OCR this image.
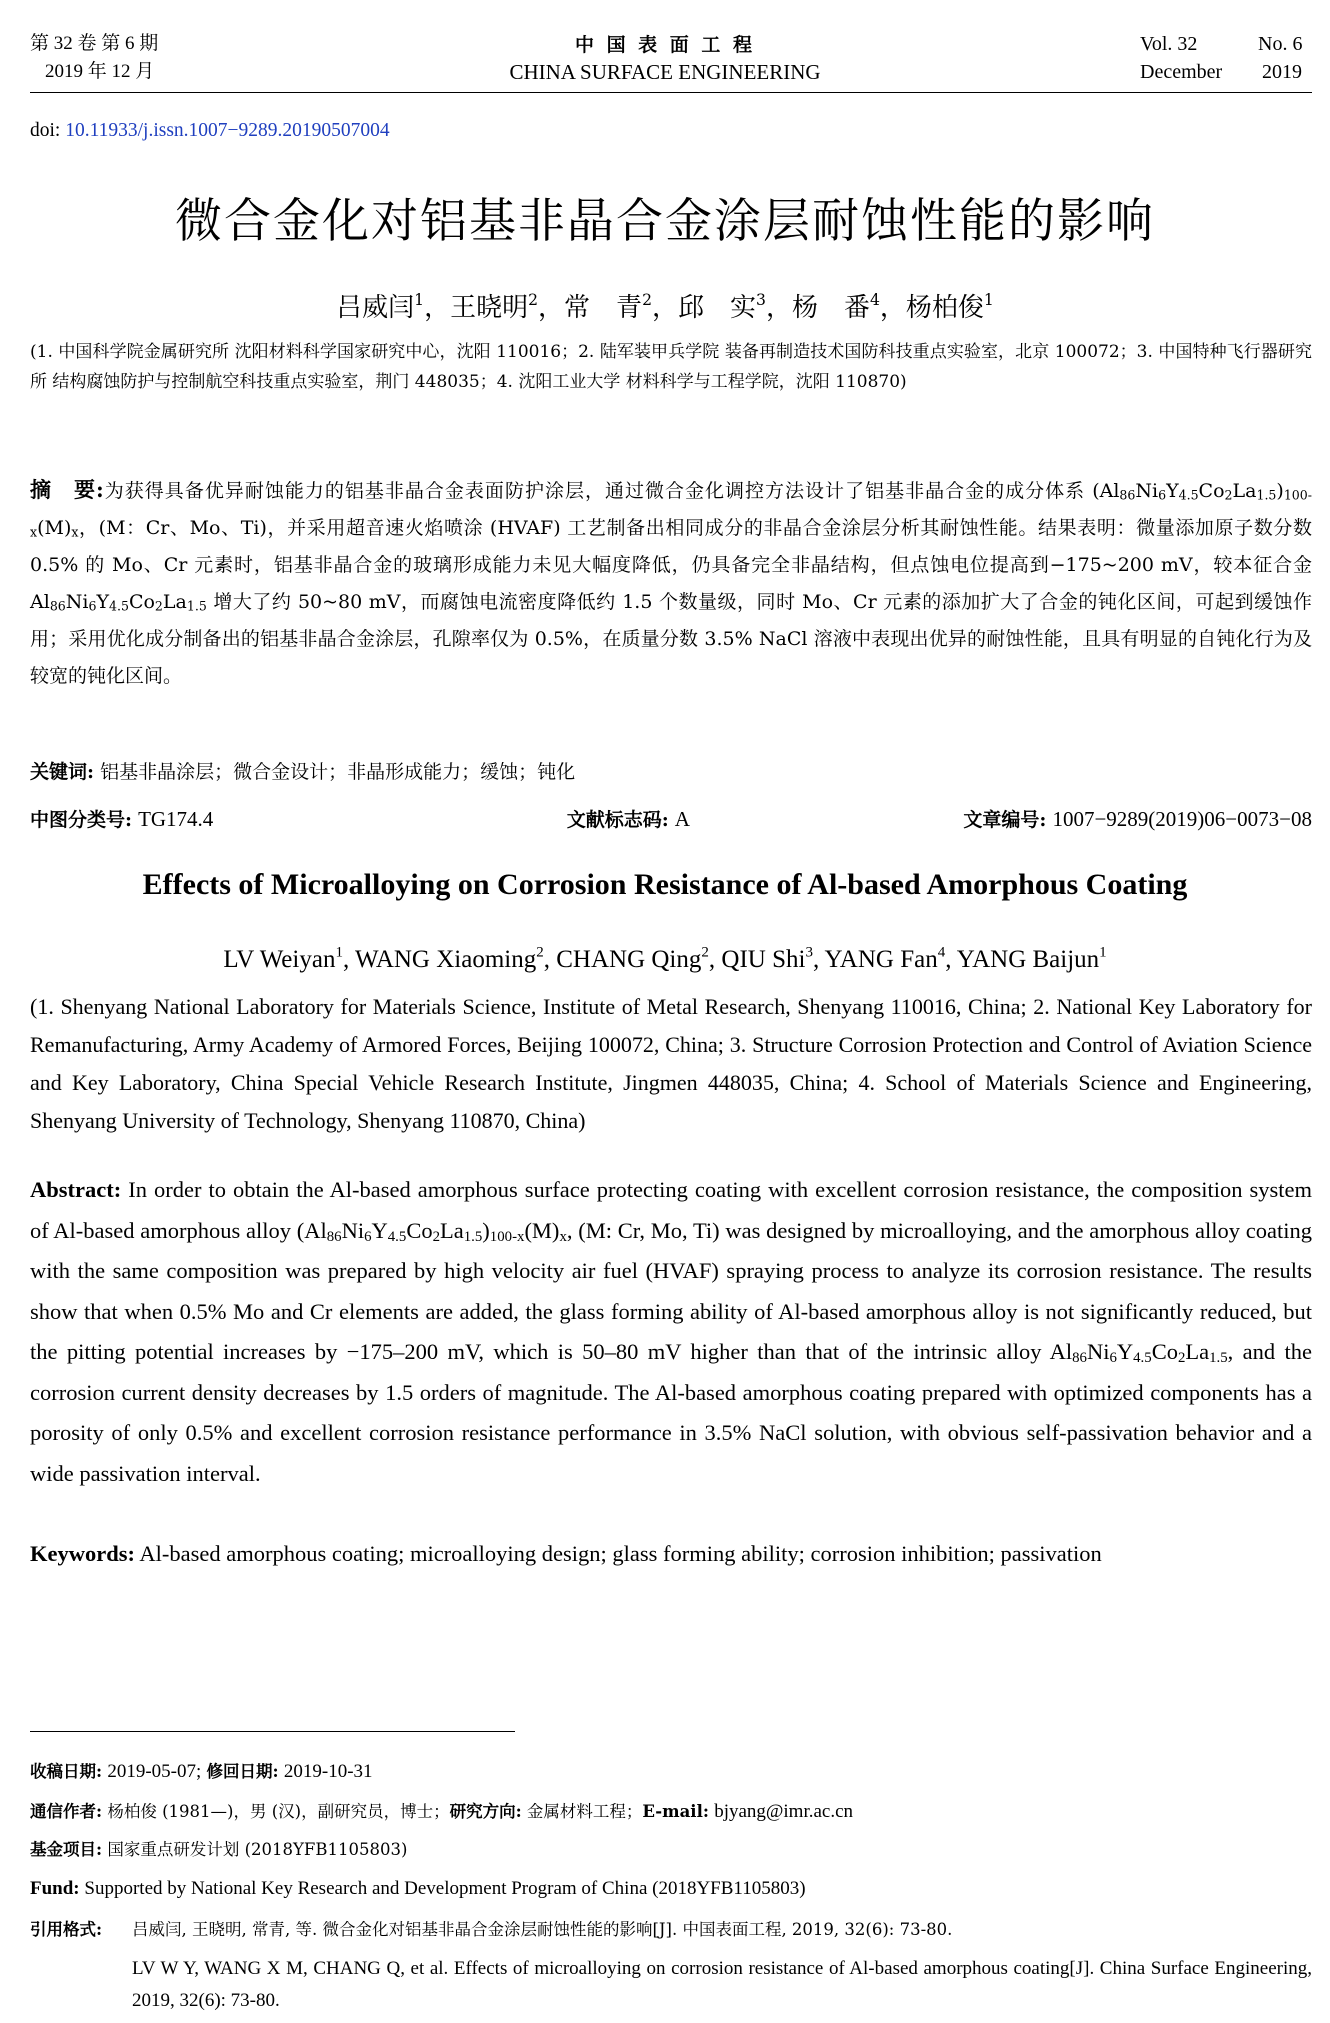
第 32 卷 第 6 期
2019 年 12 月
中 国 表 面 工 程
CHINA SURFACE ENGINEERING
Vol. 32	No. 6
December 2019
doi: 10.11933/j.issn.1007−9289.20190507004
微合金化对铝基非晶合金涂层耐蚀性能的影响
吕威闫$^1$，王晓明$^2$，常　青$^2$，邱　实$^3$，杨　番$^4$，杨柏俊$^1$
(1. 中国科学院金属研究所 沈阳材料科学国家研究中心，沈阳 110016；2. 陆军装甲兵学院 装备再制造技术国防科技重点实验室，北京 100072；3. 中国特种飞行器研究所 结构腐蚀防护与控制航空科技重点实验室，荆门 448035；4. 沈阳工业大学 材料科学与工程学院，沈阳 110870)
摘　要:为获得具备优异耐蚀能力的铝基非晶合金表面防护涂层，通过微合金化调控方法设计了铝基非晶合金的成分体系 $(Al_{86}Ni_6Y_{4.5}Co_2La_{1.5})_{100-x}(M)_x$，(M：Cr、Mo、Ti)，并采用超音速火焰喷涂 (HVAF) 工艺制备出相同成分的非晶合金涂层分析其耐蚀性能。结果表明：微量添加原子数分数 0.5% 的 Mo、Cr 元素时，铝基非晶合金的玻璃形成能力未见大幅度降低，仍具备完全非晶结构，但点蚀电位提高到−175~200 mV，较本征合金 $Al_{86}Ni_6Y_{4.5}Co_2La_{1.5}$ 增大了约 50~80 mV，而腐蚀电流密度降低约 1.5 个数量级，同时 Mo、Cr 元素的添加扩大了合金的钝化区间，可起到缓蚀作用；采用优化成分制备出的铝基非晶合金涂层，孔隙率仅为 0.5%，在质量分数 3.5% NaCl 溶液中表现出优异的耐蚀性能，且具有明显的自钝化行为及较宽的钝化区间。
关键词: 铝基非晶涂层；微合金设计；非晶形成能力；缓蚀；钝化
中图分类号: TG174.4	文献标志码: A	文章编号: 1007−9289(2019)06−0073−08
Effects of Microalloying on Corrosion Resistance of Al-based Amorphous Coating
LV Weiyan$^1$, WANG Xiaoming$^2$, CHANG Qing$^2$, QIU Shi$^3$, YANG Fan$^4$, YANG Baijun$^1$
(1. Shenyang National Laboratory for Materials Science, Institute of Metal Research, Shenyang 110016, China; 2. National Key Laboratory for Remanufacturing, Army Academy of Armored Forces, Beijing 100072, China; 3. Structure Corrosion Protection and Control of Aviation Science and Key Laboratory, China Special Vehicle Research Institute, Jingmen 448035, China; 4. School of Materials Science and Engineering, Shenyang University of Technology, Shenyang 110870, China)
Abstract: In order to obtain the Al-based amorphous surface protecting coating with excellent corrosion resistance, the composition system of Al-based amorphous alloy $(Al_{86}Ni_6Y_{4.5}Co_2La_{1.5})_{100-x}(M)_x$, (M: Cr, Mo, Ti) was designed by microalloying, and the amorphous alloy coating with the same composition was prepared by high velocity air fuel (HVAF) spraying process to analyze its corrosion resistance. The results show that when 0.5% Mo and Cr elements are added, the glass forming ability of Al-based amorphous alloy is not significantly reduced, but the pitting potential increases by −175–200 mV, which is 50–80 mV higher than that of the intrinsic alloy $Al_{86}Ni_6Y_{4.5}Co_2La_{1.5}$, and the corrosion current density decreases by 1.5 orders of magnitude. The Al-based amorphous coating prepared with optimized components has a porosity of only 0.5% and excellent corrosion resistance performance in 3.5% NaCl solution, with obvious self-passivation behavior and a wide passivation interval.
Keywords: Al-based amorphous coating; microalloying design; glass forming ability; corrosion inhibition; passivation
收稿日期: 2019-05-07; 修回日期: 2019-10-31
通信作者: 杨柏俊 (1981—)，男 (汉)，副研究员，博士；研究方向: 金属材料工程；E-mail: bjyang@imr.ac.cn
基金项目: 国家重点研发计划 (2018YFB1105803)
Fund: Supported by National Key Research and Development Program of China (2018YFB1105803)
引用格式: 吕威闫, 王晓明, 常青, 等. 微合金化对铝基非晶合金涂层耐蚀性能的影响[J]. 中国表面工程, 2019, 32(6): 73-80.
LV W Y, WANG X M, CHANG Q, et al. Effects of microalloying on corrosion resistance of Al-based amorphous coating[J]. China Surface Engineering, 2019, 32(6): 73-80.
